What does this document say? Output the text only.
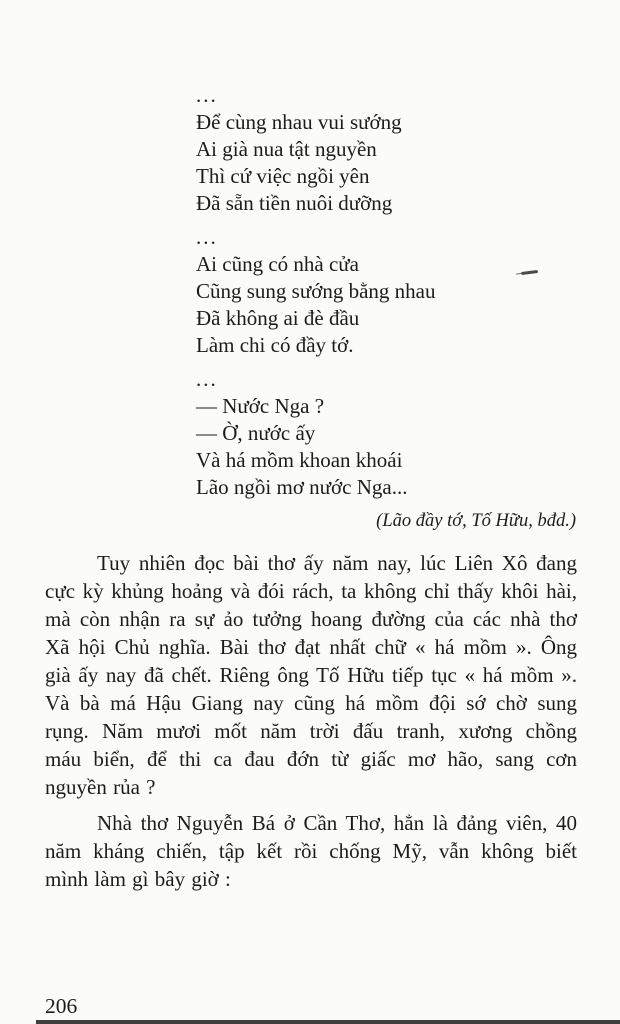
...
Để cùng nhau vui sướng
Ai già nua tật nguyền
Thì cứ việc ngồi yên
Đã sẵn tiền nuôi dưỡng
...
Ai cũng có nhà cửa
Cũng sung sướng bằng nhau
Đã không ai đè đầu
Làm chi có đầy tớ.
...
— Nước Nga ?
— Ờ, nước ấy
Và há mồm khoan khoái
Lão ngồi mơ nước Nga...
(Lão đầy tớ, Tố Hữu, bđd.)
Tuy nhiên đọc bài thơ ấy năm nay, lúc Liên Xô đang
cực kỳ khủng hoảng và đói rách, ta không chỉ thấy khôi hài,
mà còn nhận ra sự ảo tưởng hoang đường của các nhà thơ
Xã hội Chủ nghĩa. Bài thơ đạt nhất chữ « há mồm ». Ông
già ấy nay đã chết. Riêng ông Tố Hữu tiếp tục « há mồm ».
Và bà má Hậu Giang nay cũng há mồm đội sớ chờ sung
rụng. Năm mươi mốt năm trời đấu tranh, xương chồng
máu biển, để thi ca đau đớn từ giấc mơ hão, sang cơn
nguyền rủa ?
Nhà thơ Nguyễn Bá ở Cần Thơ, hẳn là đảng viên, 40
năm kháng chiến, tập kết rồi chống Mỹ, vẫn không biết
mình làm gì bây giờ :
206
